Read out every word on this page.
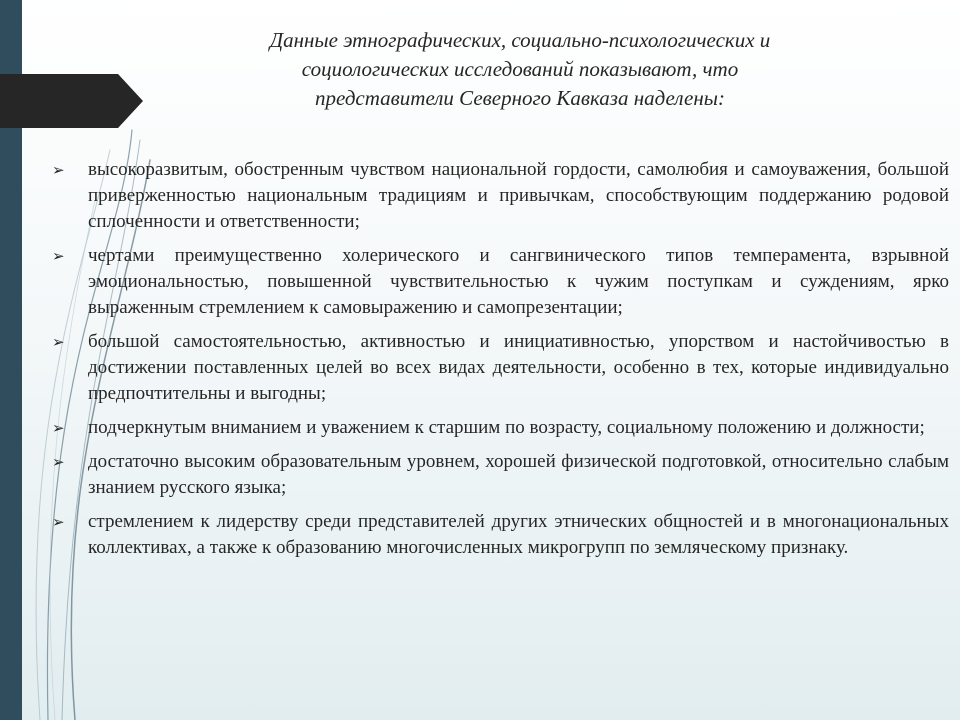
Данные этнографических, социально-психологических и
социологических исследований показывают, что
представители Северного Кавказа наделены:
➢ высокоразвитым, обостренным чувством национальной гордости, самолюбия и самоуважения, большой приверженностью национальным традициям и привычкам, способствующим поддержанию родовой сплоченности и ответственности;
➢ чертами преимущественно холерического и сангвинического типов темперамента, взрывной эмоциональностью, повышенной чувствительностью к чужим поступкам и суждениям, ярко выраженным стремлением к самовыражению и самопрезентации;
➢ большой самостоятельностью, активностью и инициативностью, упорством и настойчивостью в достижении поставленных целей во всех видах деятельности, особенно в тех, которые индивидуально предпочтительны и выгодны;
➢ подчеркнутым вниманием и уважением к старшим по возрасту, социальному положению и должности;
➢ достаточно высоким образовательным уровнем, хорошей физической подготовкой, относительно слабым знанием русского языка;
➢ стремлением к лидерству среди представителей других этнических общностей и в многонациональных коллективах, а также к образованию многочисленных микрогрупп по земляческому признаку.
